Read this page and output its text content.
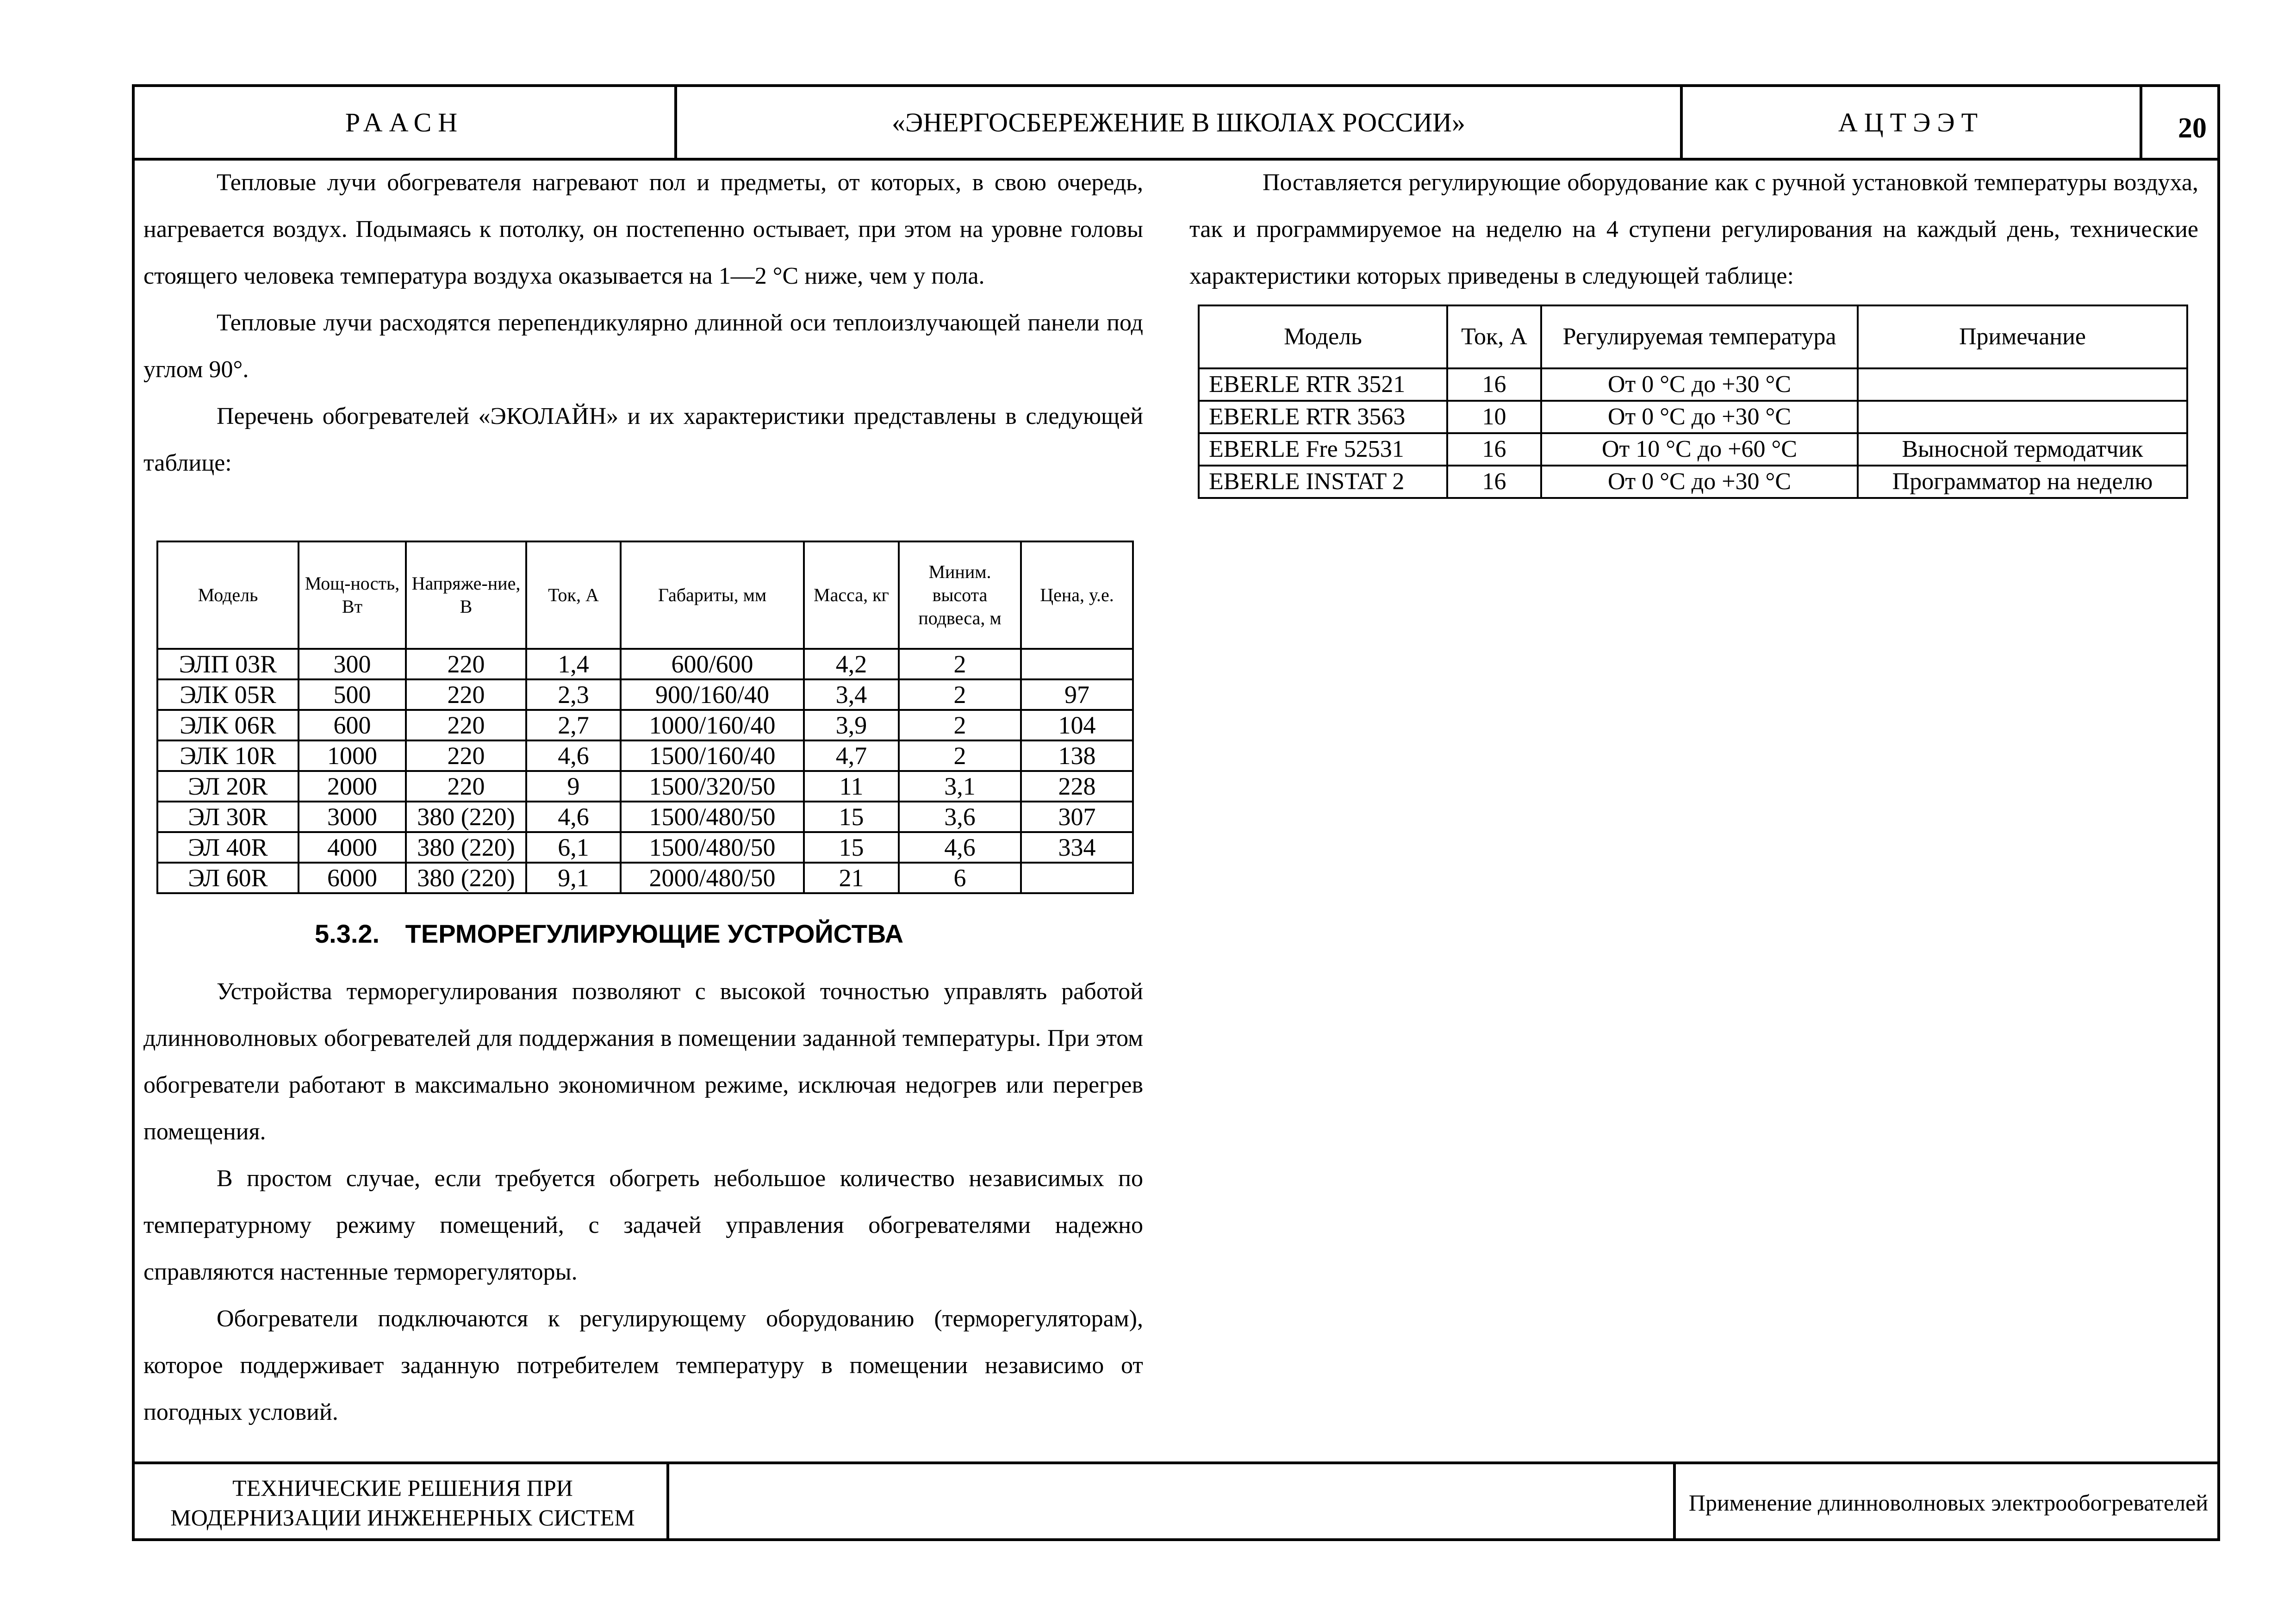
РААСН	«ЭНЕРГОСБЕРЕЖЕНИЕ В ШКОЛАХ РОССИИ»	АЦТЭЭТ	20

Тепловые лучи обогревателя нагревают пол и предметы, от которых, в свою очередь, нагревается воздух. Подымаясь к потолку, он постепенно остывает, при этом на уровне головы стоящего человека температура воздуха оказывается на 1—2 °С ниже, чем у пола.

Тепловые лучи расходятся перепендикулярно длинной оси теплоизлучающей панели под углом 90°.

Перечень обогревателей «ЭКОЛАЙН» и их характеристики представлены в следующей таблице:

Модель	Мощ-ность, Вт	Напряже-ние, В	Ток, А	Габариты, мм	Масса, кг	Миним. высота подвеса, м	Цена, у.е.
ЭЛП 03R	300	220	1,4	600/600	4,2	2	
ЭЛК 05R	500	220	2,3	900/160/40	3,4	2	97
ЭЛК 06R	600	220	2,7	1000/160/40	3,9	2	104
ЭЛК 10R	1000	220	4,6	1500/160/40	4,7	2	138
ЭЛ 20R	2000	220	9	1500/320/50	11	3,1	228
ЭЛ 30R	3000	380 (220)	4,6	1500/480/50	15	3,6	307
ЭЛ 40R	4000	380 (220)	6,1	1500/480/50	15	4,6	334
ЭЛ 60R	6000	380 (220)	9,1	2000/480/50	21	6	
5.3.2. ТЕРМОРЕГУЛИРУЮЩИЕ УСТРОЙСТВА

Устройства терморегулирования позволяют с высокой точностью управлять работой длинноволновых обогревателей для поддержания в помещении заданной температуры. При этом обогреватели работают в максимально экономичном режиме, исключая недогрев или перегрев помещения.

В простом случае, если требуется обогреть небольшое количество независимых по температурному режиму помещений, с задачей управления обогревателями надежно справляются настенные терморегуляторы.

Обогреватели подключаются к регулирующему оборудованию (терморегуляторам), которое поддерживает заданную потребителем температуру в помещении независимо от погодных условий.

Поставляется регулирующие оборудование как с ручной установкой температуры воздуха, так и программируемое на неделю на 4 ступени регулирования на каждый день, технические характеристики которых приведены в следующей таблице:

Модель	Ток, А	Регулируемая температура	Примечание
EBERLE RTR 3521	16	От 0 °С до +30 °С	
EBERLE RTR 3563	10	От 0 °С до +30 °С	
EBERLE Fre 52531	16	От 10 °С до +60 °С	Выносной термодатчик
EBERLE INSTAT 2	16	От 0 °С до +30 °С	Программатор на неделю
ТЕХНИЧЕСКИЕ РЕШЕНИЯ ПРИ МОДЕРНИЗАЦИИ ИНЖЕНЕРНЫХ СИСТЕМ
Применение длинноволновых электрообогревателей
